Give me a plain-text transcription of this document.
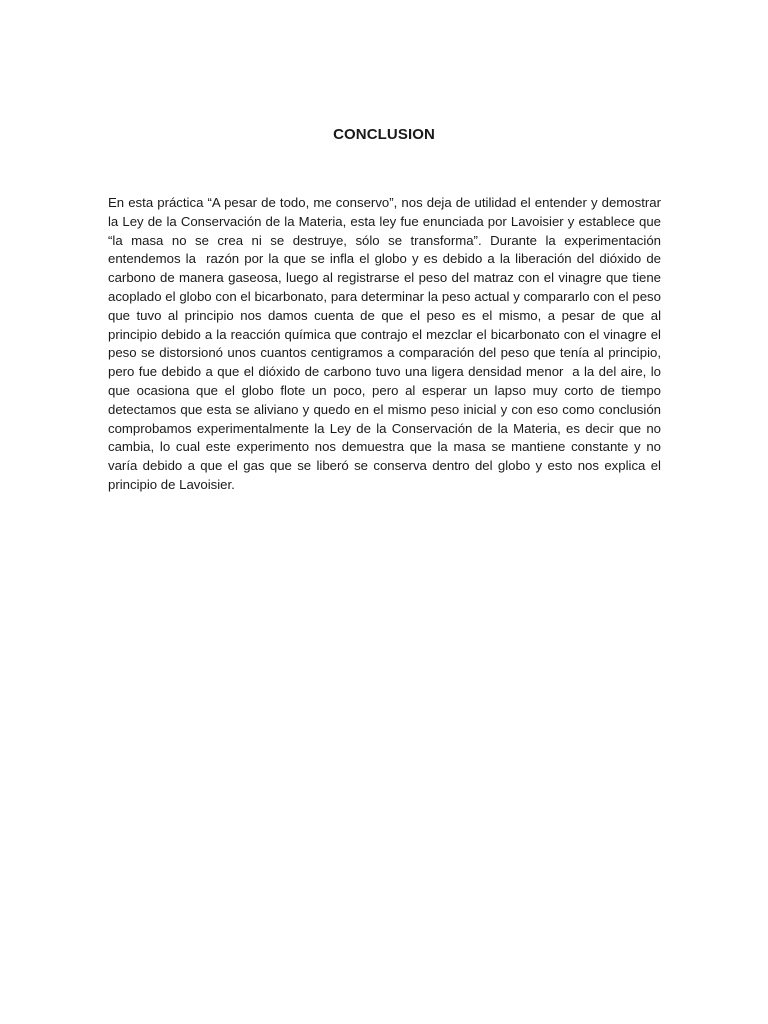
CONCLUSION

En esta práctica “A pesar de todo, me conservo”, nos deja de utilidad el entender y demostrar la Ley de la Conservación de la Materia, esta ley fue enunciada por Lavoisier y establece que “la masa no se crea ni se destruye, sólo se transforma”. Durante la experimentación entendemos la  razón por la que se infla el globo y es debido a la liberación del dióxido de carbono de manera gaseosa, luego al registrarse el peso del matraz con el vinagre que tiene acoplado el globo con el bicarbonato, para determinar la peso actual y compararlo con el peso que tuvo al principio nos damos cuenta de que el peso es el mismo, a pesar de que al principio debido a la reacción química que contrajo el mezclar el bicarbonato con el vinagre el peso se distorsionó unos cuantos centigramos a comparación del peso que tenía al principio, pero fue debido a que el dióxido de carbono tuvo una ligera densidad menor  a la del aire, lo que ocasiona que el globo flote un poco, pero al esperar un lapso muy corto de tiempo detectamos que esta se aliviano y quedo en el mismo peso inicial y con eso como conclusión comprobamos experimentalmente la Ley de la Conservación de la Materia, es decir que no cambia, lo cual este experimento nos demuestra que la masa se mantiene constante y no varía debido a que el gas que se liberó se conserva dentro del globo y esto nos explica el principio de Lavoisier.
